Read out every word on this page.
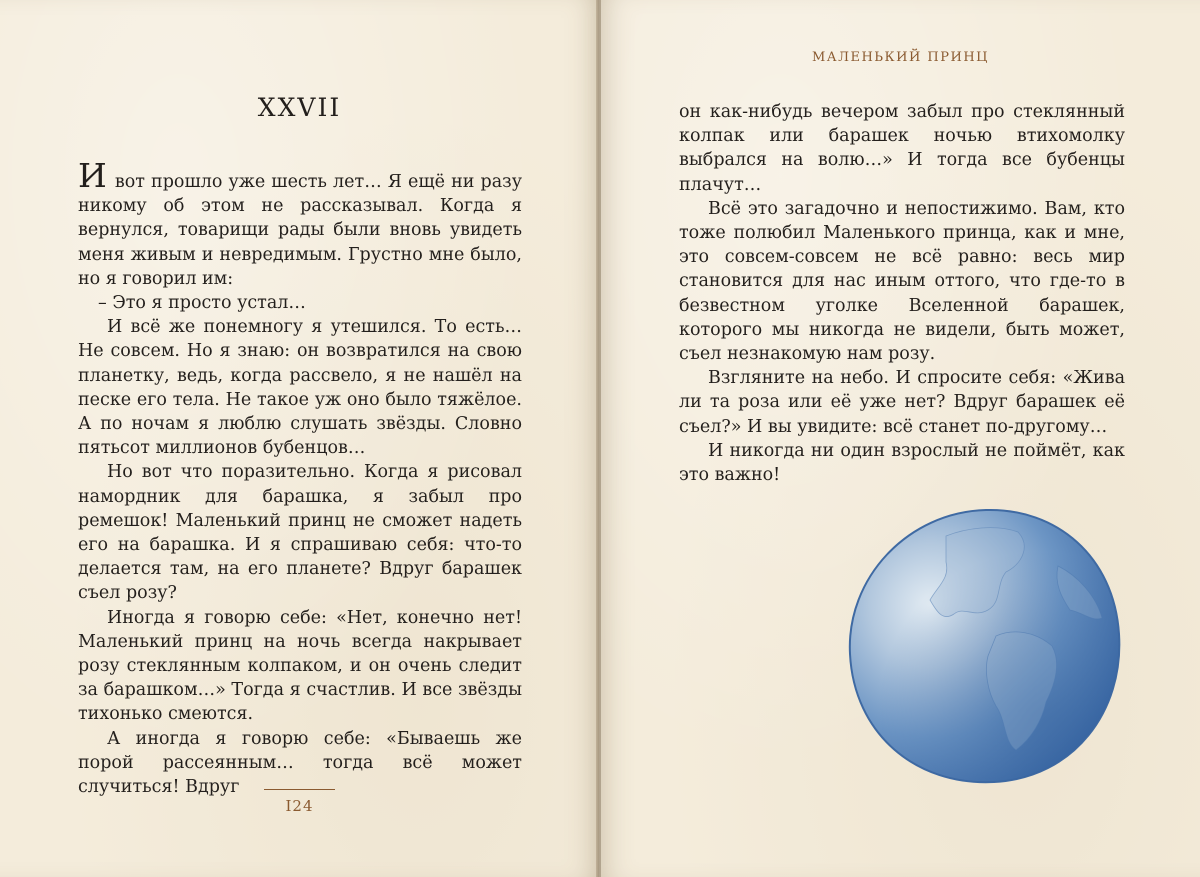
XXVII

И вот прошло уже шесть лет… Я ещё ни разу никому об этом не рассказывал. Когда я вернулся, товарищи рады были вновь увидеть меня живым и невредимым. Грустно мне было, но я говорил им:

– Это я просто устал…

И всё же понемногу я утешился. То есть… Не совсем. Но я знаю: он возвратился на свою планетку, ведь, когда рассвело, я не нашёл на песке его тела. Не такое уж оно было тяжёлое. А по ночам я люблю слушать звёзды. Словно пятьсот миллионов бубенцов…

Но вот что поразительно. Когда я рисовал намордник для барашка, я забыл про ремешок! Маленький принц не сможет надеть его на барашка. И я спрашиваю себя: что-то делается там, на его планете? Вдруг барашек съел розу?

Иногда я говорю себе: «Нет, конечно нет! Маленький принц на ночь всегда накрывает розу стеклянным колпаком, и он очень следит за барашком…» Тогда я счастлив. И все звёзды тихонько смеются.

А иногда я говорю себе: «Бываешь же порой рассеянным… тогда всё может случиться! Вдруг

I24
МАЛЕНЬКИЙ ПРИНЦ

он как-нибудь вечером забыл про стеклянный колпак или барашек ночью втихомолку выбрался на волю…» И тогда все бубенцы плачут…

Всё это загадочно и непостижимо. Вам, кто тоже полюбил Маленького принца, как и мне, это совсем-совсем не всё равно: весь мир становится для нас иным оттого, что где-то в безвестном уголке Вселенной барашек, которого мы никогда не видели, быть может, съел незнакомую нам розу.

Взгляните на небо. И спросите себя: «Жива ли та роза или её уже нет? Вдруг барашек её съел?» И вы увидите: всё станет по-другому…

И никогда ни один взрослый не поймёт, как это важно!
